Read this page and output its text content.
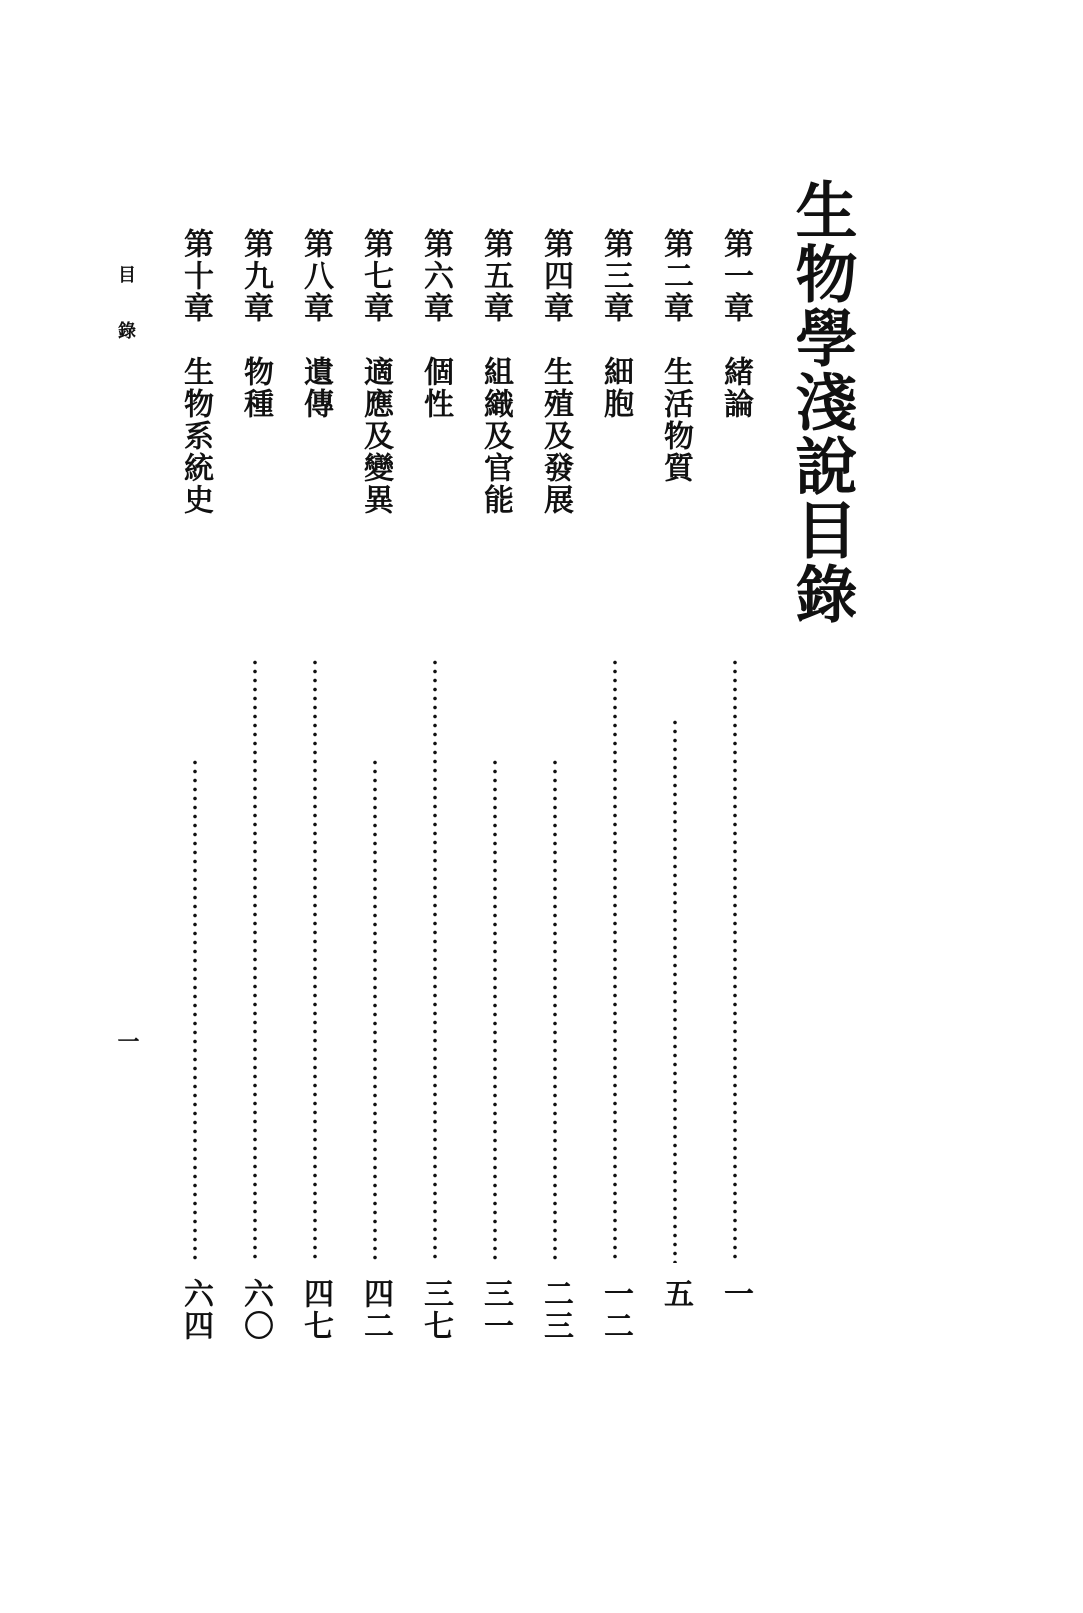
生物學淺說目錄
第一章　緒論
一
第二章　生活物質
五
第三章　細胞
一二
第四章　生殖及發展
二三
第五章　組織及官能
三一
第六章　個性
三七
第七章　適應及變異
四二
第八章　遺傳
四七
第九章　物種
六〇
第十章　生物系統史
六四
目錄
一
